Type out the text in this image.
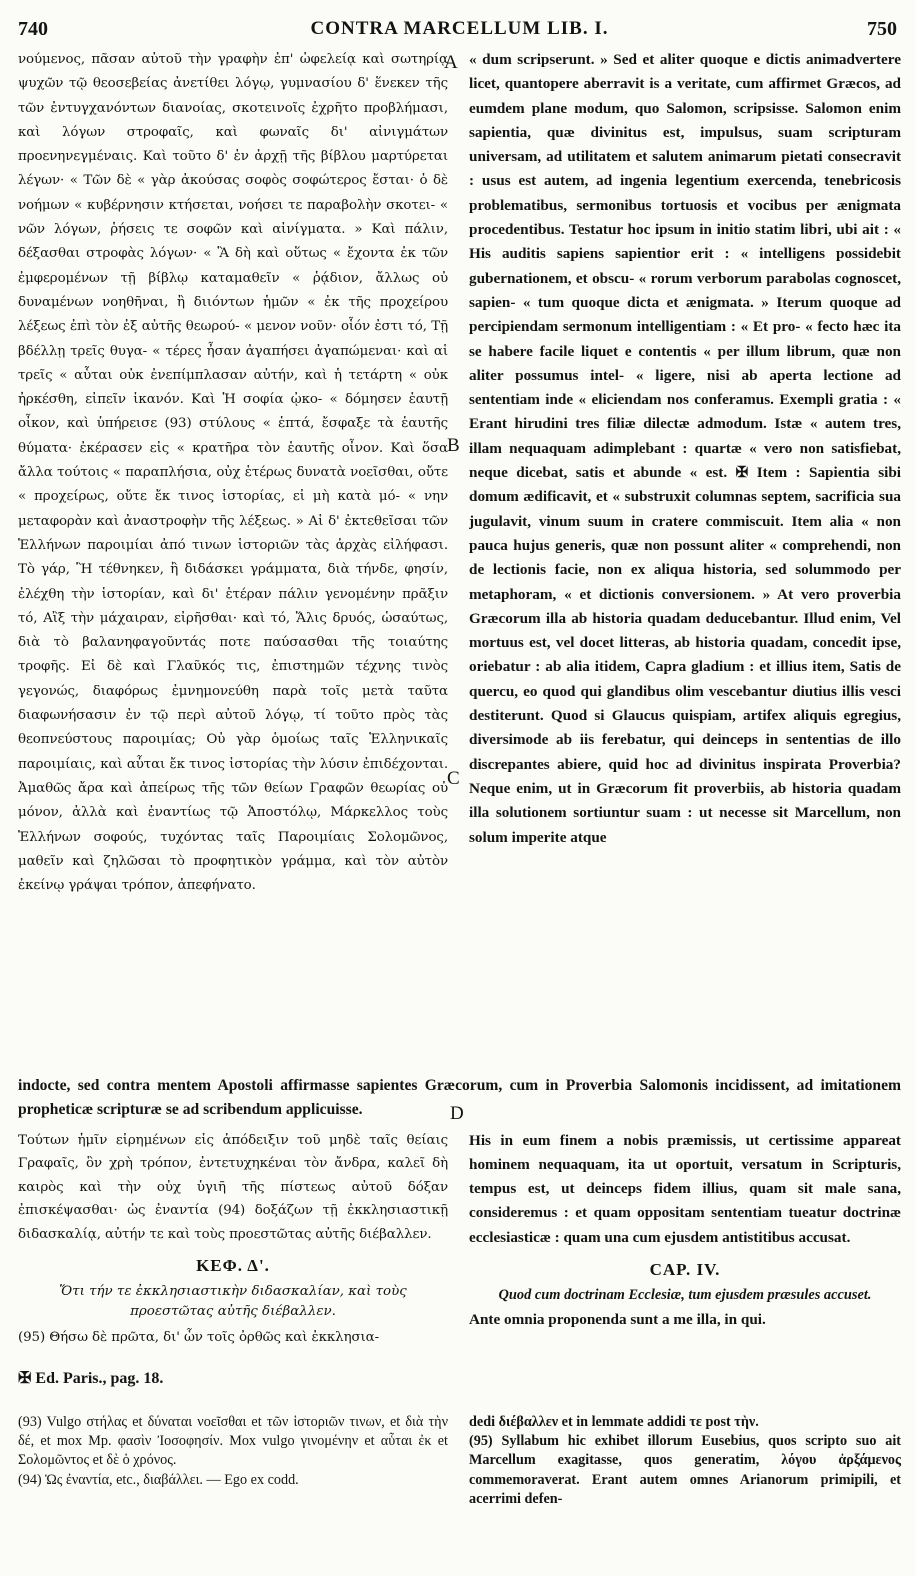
740	CONTRA MARCELLUM LIB. I.	750
A
B
C
D

νούμενος, πᾶσαν αὐτοῦ τὴν γραφὴν ἐπ' ὠφελείᾳ καὶ σωτηρίᾳ ψυχῶν τῷ θεοσεβείας ἀνετίθει λόγῳ, γυμνασίου δ' ἕνεκεν τῆς τῶν ἐντυγχανόντων διανοίας, σκοτεινοῖς ἐχρῆτο προβλήμασι, καὶ λόγων στροφαῖς, καὶ φωναῖς δι' αἰνιγμάτων προενηνεγμέναις. Καὶ τοῦτο δ' ἐν ἀρχῇ τῆς βίβλου μαρτύρεται λέγων· « Τῶν δὲ « γὰρ ἀκούσας σοφὸς σοφώτερος ἔσται· ὁ δὲ νοήμων « κυβέρνησιν κτήσεται, νοήσει τε παραβολὴν σκοτει- « νῶν λόγων, ῥήσεις τε σοφῶν καὶ αἰνίγματα. » Καὶ πάλιν, δέξασθαι στροφὰς λόγων· « Ἃ δὴ καὶ οὕτως « ἔχοντα ἐκ τῶν ἐμφερομένων τῇ βίβλῳ καταμαθεῖν « ῥᾴδιον, ἄλλως οὐ δυναμένων νοηθῆναι, ἢ διιόντων ἡμῶν « ἐκ τῆς προχείρου λέξεως ἐπὶ τὸν ἐξ αὐτῆς θεωρού- « μενον νοῦν· οἷόν ἐστι τό, Τῇ βδέλλῃ τρεῖς θυγα- « τέρες ἦσαν ἀγαπήσει ἀγαπώμεναι· καὶ αἱ τρεῖς « αὗται οὐκ ἐνεπίμπλασαν αὐτήν, καὶ ἡ τετάρτη « οὐκ ἠρκέσθη, εἰπεῖν ἱκανόν. Καὶ Ἡ σοφία ᾠκο- « δόμησεν ἑαυτῇ οἶκον, καὶ ὑπήρεισε (93) στύλους « ἑπτά, ἔσφαξε τὰ ἑαυτῆς θύματα· ἐκέρασεν εἰς « κρατῆρα τὸν ἑαυτῆς οἶνον. Καὶ ὅσα ἄλλα τούτοις « παραπλήσια, οὐχ ἑτέρως δυνατὰ νοεῖσθαι, οὔτε « προχείρως, οὔτε ἔκ τινος ἱστορίας, εἰ μὴ κατὰ μό- « νην μεταφορὰν καὶ ἀναστροφὴν τῆς λέξεως. » Αἱ δ' ἐκτεθεῖσαι τῶν Ἑλλήνων παροιμίαι ἀπό τινων ἱστοριῶν τὰς ἀρχὰς εἰλήφασι. Τὸ γάρ, Ἢ τέθνηκεν, ἢ διδάσκει γράμματα, διὰ τήνδε, φησίν, ἐλέχθη τὴν ἱστορίαν, καὶ δι' ἑτέραν πάλιν γενομένην πρᾶξιν τό, Αἲξ τὴν μάχαιραν, εἰρῆσθαι· καὶ τό, Ἅλις δρυός, ὡσαύτως, διὰ τὸ βαλανηφαγοῦντάς ποτε παύσασθαι τῆς τοιαύτης τροφῆς. Εἰ δὲ καὶ Γλαῦκός τις, ἐπιστημῶν τέχνης τινὸς γεγονώς, διαφόρως ἐμνημονεύθη παρὰ τοῖς μετὰ ταῦτα διαφωνήσασιν ἐν τῷ περὶ αὐτοῦ λόγῳ, τί τοῦτο πρὸς τὰς θεοπνεύστους παροιμίας; Οὐ γὰρ ὁμοίως ταῖς Ἑλληνικαῖς παροιμίαις, καὶ αὗται ἔκ τινος ἱστορίας τὴν λύσιν ἐπιδέχονται. Ἀμαθῶς ἄρα καὶ ἀπείρως τῆς τῶν θείων Γραφῶν θεωρίας οὐ μόνον, ἀλλὰ καὶ ἐναντίως τῷ Ἀποστόλῳ, Μάρκελλος τοὺς Ἑλλήνων σοφούς, τυχόντας ταῖς Παροιμίαις Σολομῶνος, μαθεῖν καὶ ζηλῶσαι τὸ προφητικὸν γράμμα, καὶ τὸν αὐτὸν ἐκείνῳ γράψαι τρόπον, ἀπεφήνατο.

« dum scripserunt. » Sed et aliter quoque e dictis animadvertere licet, quantopere aberravit is a veritate, cum affirmet Græcos, ad eumdem plane modum, quo Salomon, scripsisse. Salomon enim sapientia, quæ divinitus est, impulsus, suam scripturam universam, ad utilitatem et salutem animarum pietati consecravit : usus est autem, ad ingenia legentium exercenda, tenebricosis problematibus, sermonibus tortuosis et vocibus per ænigmata procedentibus. Testatur hoc ipsum in initio statim libri, ubi ait : « His auditis sapiens sapientior erit : « intelligens possidebit gubernationem, et obscu- « rorum verborum parabolas cognoscet, sapien- « tum quoque dicta et ænigmata. » Iterum quoque ad percipiendam sermonum intelligentiam : « Et pro- « fecto hæc ita se habere facile liquet e contentis « per illum librum, quæ non aliter possumus intel- « ligere, nisi ab aperta lectione ad sententiam inde « eliciendam nos conferamus. Exempli gratia : « Erant hirudini tres filiæ dilectæ admodum. Istæ « autem tres, illam nequaquam adimplebant : quartæ « vero non satisfiebat, neque dicebat, satis et abunde « est. ✠ Item : Sapientia sibi domum ædificavit, et « substruxit columnas septem, sacrificia sua jugulavit, vinum suum in cratere commiscuit. Item alia « non pauca hujus generis, quæ non possunt aliter « comprehendi, non de lectionis facie, non ex aliqua historia, sed solummodo per metaphoram, « et dictionis conversionem. » At vero proverbia Græcorum illa ab historia quadam deducebantur. Illud enim, Vel mortuus est, vel docet litteras, ab historia quadam, concedit ipse, oriebatur : ab alia itidem, Capra gladium : et illius item, Satis de quercu, eo quod qui glandibus olim vescebantur diutius illis vesci destiterunt. Quod si Glaucus quispiam, artifex aliquis egregius, diversimode ab iis ferebatur, qui deinceps in sententias de illo discrepantes abiere, quid hoc ad divinitus inspirata Proverbia? Neque enim, ut in Græcorum fit proverbiis, ab historia quadam illa solutionem sortiuntur suam : ut necesse sit Marcellum, non solum imperite atque

indocte, sed contra mentem Apostoli affirmasse sapientes Græcorum, cum in Proverbia Salomonis incidissent, ad imitationem propheticæ scripturæ se ad scribendum applicuisse.

Τούτων ἡμῖν εἰρημένων εἰς ἀπόδειξιν τοῦ μηδὲ ταῖς θείαις Γραφαῖς, ὃν χρὴ τρόπον, ἐντετυχηκέναι τὸν ἄνδρα, καλεῖ δὴ καιρὸς καὶ τὴν οὐχ ὑγιῆ τῆς πίστεως αὐτοῦ δόξαν ἐπισκέψασθαι· ὡς ἐναντία (94) δοξάζων τῇ ἐκκλησιαστικῇ διδασκαλίᾳ, αὐτήν τε καὶ τοὺς προεστῶτας αὐτῆς διέβαλλεν.

ΚΕΦ. Δ'.
Ὅτι τήν τε ἐκκλησιαστικὴν διδασκαλίαν, καὶ τοὺς προεστῶτας αὐτῆς διέβαλλεν.

(95) Θήσω δὲ πρῶτα, δι' ὧν τοῖς ὀρθῶς καὶ ἐκκλησια-

✠ Ed. Paris., pag. 18.

His in eum finem a nobis præmissis, ut certissime appareat hominem nequaquam, ita ut oportuit, versatum in Scripturis, tempus est, ut deinceps fidem illius, quam sit male sana, consideremus : et quam oppositam sententiam tueatur doctrinæ ecclesiasticæ : quam una cum ejusdem antistitibus accusat.

CAP. IV.
Quod cum doctrinam Ecclesiæ, tum ejusdem præsules accuset.

Ante omnia proponenda sunt a me illa, in qui.

(93) Vulgo στήλας et δύναται νοεῖσθαι et τῶν ἱστοριῶν τινων, et διὰ τὴν δέ, et mox Mp. φασὶν Ἰοσοφησίν. Mox vulgo γινομένην et αὗται ἐκ et Σολομῶντος et δὲ ὁ χρόνος.

(94) Ὡς ἐναντία, etc., διαβάλλει. — Ego ex codd.

dedi διέβαλλεν et in lemmate addidi τε post τὴν.

(95) Syllabum hic exhibet illorum Eusebius, quos scripto suo ait Marcellum exagitasse, quos generatim, λόγου ἀρξάμενος commemoraverat. Erant autem omnes Arianorum primipili, et acerrimi defen-
